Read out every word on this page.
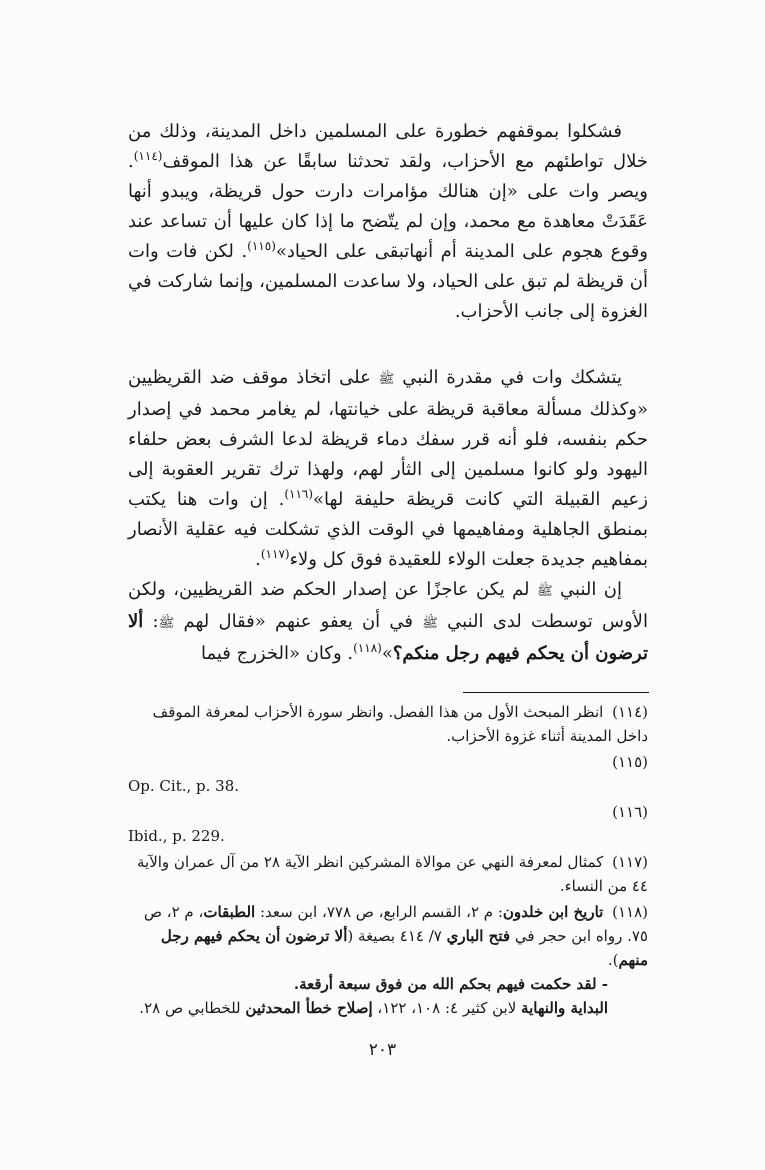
فشكلوا بموقفهم خطورة على المسلمين داخل المدينة، وذلك من خلال تواطئهم مع الأحزاب، ولقد تحدثنا سابقًا عن هذا الموقف$^{(١١٤)}$. ويصر وات على «إن هنالك مؤامرات دارت حول قريظة، ويبدو أنها عَقَدَتْ معاهدة مع محمد، وإن لم يتّضح ما إذا كان عليها أن تساعد عند وقوع هجوم على المدينة أم أنهاتبقى على الحياد»$^{(١١٥)}$. لكن فات وات أن قريظة لم تبق على الحياد، ولا ساعدت المسلمين، وإنما شاركت في الغزوة إلى جانب الأحزاب.

يتشكك وات في مقدرة النبي ﷺ على اتخاذ موقف ضد القريظيين «وكذلك مسألة معاقبة قريظة على خيانتها، لم يغامر محمد في إصدار حكم بنفسه، فلو أنه قرر سفك دماء قريظة لدعا الشرف بعض حلفاء اليهود ولو كانوا مسلمين إلى الثأر لهم، ولهذا ترك تقرير العقوبة إلى زعيم القبيلة التي كانت قريظة حليفة لها»$^{(١١٦)}$. إن وات هنا يكتب بمنطق الجاهلية ومفاهيمها في الوقت الذي تشكلت فيه عقلية الأنصار بمفاهيم جديدة جعلت الولاء للعقيدة فوق كل ولاء$^{(١١٧)}$.

إن النبي ﷺ لم يكن عاجزًا عن إصدار الحكم ضد القريظيين، ولكن الأوس توسطت لدى النبي ﷺ في أن يعفو عنهم «فقال لهم ﷺ: ألا ترضون أن يحكم فيهم رجل منكم؟»$^{(١١٨)}$. وكان «الخزرج فيما

(١١٤) انظر المبحث الأول من هذا الفصل. وانظر سورة الأحزاب لمعرفة الموقف داخل المدينة أثناء غزوة الأحزاب.
(١١٥)
Op. Cit., p. 38.
(١١٦)
Ibid., p. 229.
(١١٧) كمثال لمعرفة النهي عن موالاة المشركين انظر الآية ٢٨ من آل عمران والآية ٤٤ من النساء.
(١١٨) تاريخ ابن خلدون: م ٢، القسم الرابع، ص ٧٧٨، ابن سعد: الطبقات، م ٢، ص ٧٥. رواه ابن حجر في فتح الباري ٧/ ٤١٤ بصيغة (ألا ترضون أن يحكم فيهم رجل منهم).
- لقد حكمت فيهم بحكم الله من فوق سبعة أرقعة.
البداية والنهاية لابن كثير ٤: ١٠٨، ١٢٢، إصلاح خطأ المحدثين للخطابي ص ٢٨.
٢٠٣
